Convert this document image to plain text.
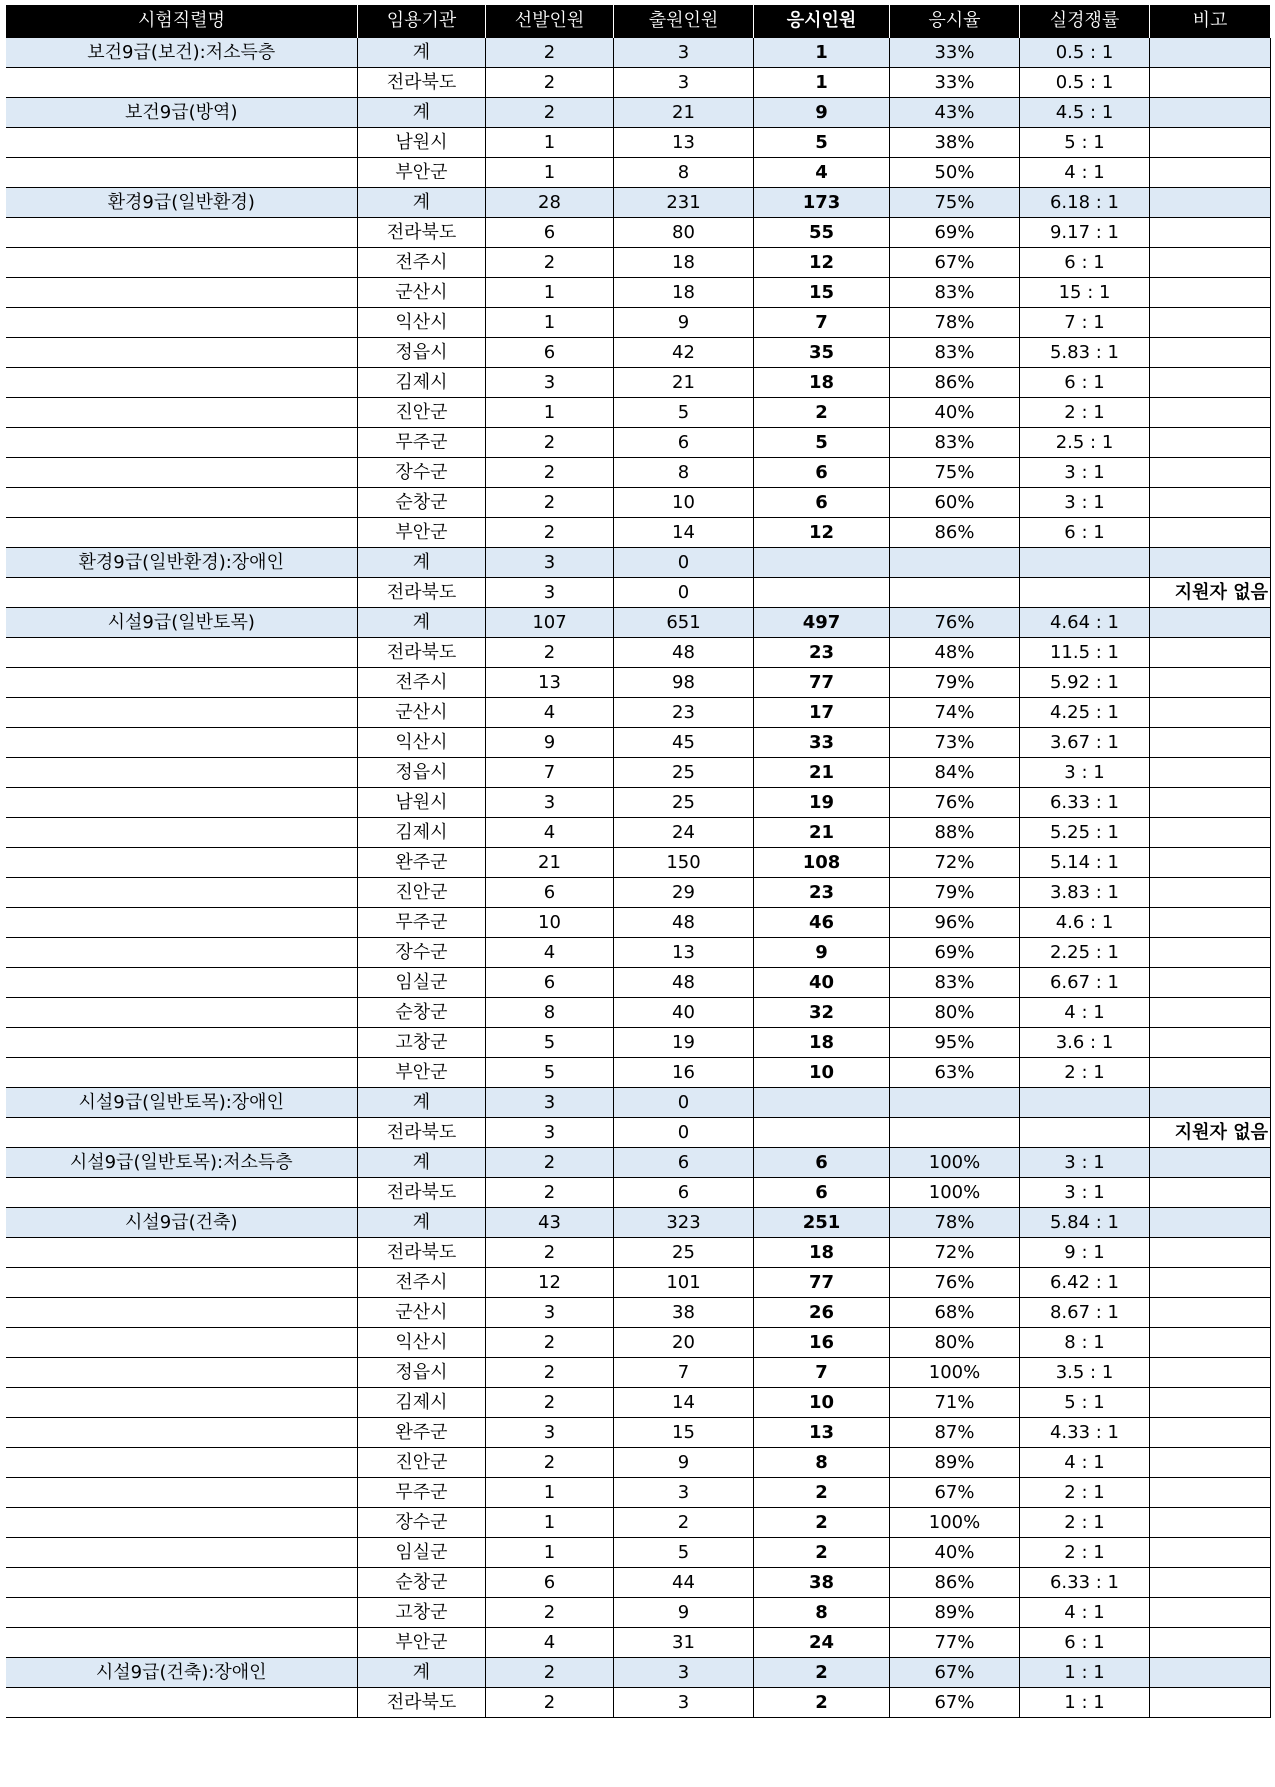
시험직렬명	임용기관	선발인원	출원인원	응시인원	응시율	실경쟁률	비고
보건9급(보건):저소득층	계	2	3	1	33%	0.5 : 1	
	전라북도	2	3	1	33%	0.5 : 1	
보건9급(방역)	계	2	21	9	43%	4.5 : 1	
	남원시	1	13	5	38%	5 : 1	
	부안군	1	8	4	50%	4 : 1	
환경9급(일반환경)	계	28	231	173	75%	6.18 : 1	
	전라북도	6	80	55	69%	9.17 : 1	
	전주시	2	18	12	67%	6 : 1	
	군산시	1	18	15	83%	15 : 1	
	익산시	1	9	7	78%	7 : 1	
	정읍시	6	42	35	83%	5.83 : 1	
	김제시	3	21	18	86%	6 : 1	
	진안군	1	5	2	40%	2 : 1	
	무주군	2	6	5	83%	2.5 : 1	
	장수군	2	8	6	75%	3 : 1	
	순창군	2	10	6	60%	3 : 1	
	부안군	2	14	12	86%	6 : 1	
환경9급(일반환경):장애인	계	3	0				
	전라북도	3	0				지원자 없음
시설9급(일반토목)	계	107	651	497	76%	4.64 : 1	
	전라북도	2	48	23	48%	11.5 : 1	
	전주시	13	98	77	79%	5.92 : 1	
	군산시	4	23	17	74%	4.25 : 1	
	익산시	9	45	33	73%	3.67 : 1	
	정읍시	7	25	21	84%	3 : 1	
	남원시	3	25	19	76%	6.33 : 1	
	김제시	4	24	21	88%	5.25 : 1	
	완주군	21	150	108	72%	5.14 : 1	
	진안군	6	29	23	79%	3.83 : 1	
	무주군	10	48	46	96%	4.6 : 1	
	장수군	4	13	9	69%	2.25 : 1	
	임실군	6	48	40	83%	6.67 : 1	
	순창군	8	40	32	80%	4 : 1	
	고창군	5	19	18	95%	3.6 : 1	
	부안군	5	16	10	63%	2 : 1	
시설9급(일반토목):장애인	계	3	0				
	전라북도	3	0				지원자 없음
시설9급(일반토목):저소득층	계	2	6	6	100%	3 : 1	
	전라북도	2	6	6	100%	3 : 1	
시설9급(건축)	계	43	323	251	78%	5.84 : 1	
	전라북도	2	25	18	72%	9 : 1	
	전주시	12	101	77	76%	6.42 : 1	
	군산시	3	38	26	68%	8.67 : 1	
	익산시	2	20	16	80%	8 : 1	
	정읍시	2	7	7	100%	3.5 : 1	
	김제시	2	14	10	71%	5 : 1	
	완주군	3	15	13	87%	4.33 : 1	
	진안군	2	9	8	89%	4 : 1	
	무주군	1	3	2	67%	2 : 1	
	장수군	1	2	2	100%	2 : 1	
	임실군	1	5	2	40%	2 : 1	
	순창군	6	44	38	86%	6.33 : 1	
	고창군	2	9	8	89%	4 : 1	
	부안군	4	31	24	77%	6 : 1	
시설9급(건축):장애인	계	2	3	2	67%	1 : 1	
	전라북도	2	3	2	67%	1 : 1	
